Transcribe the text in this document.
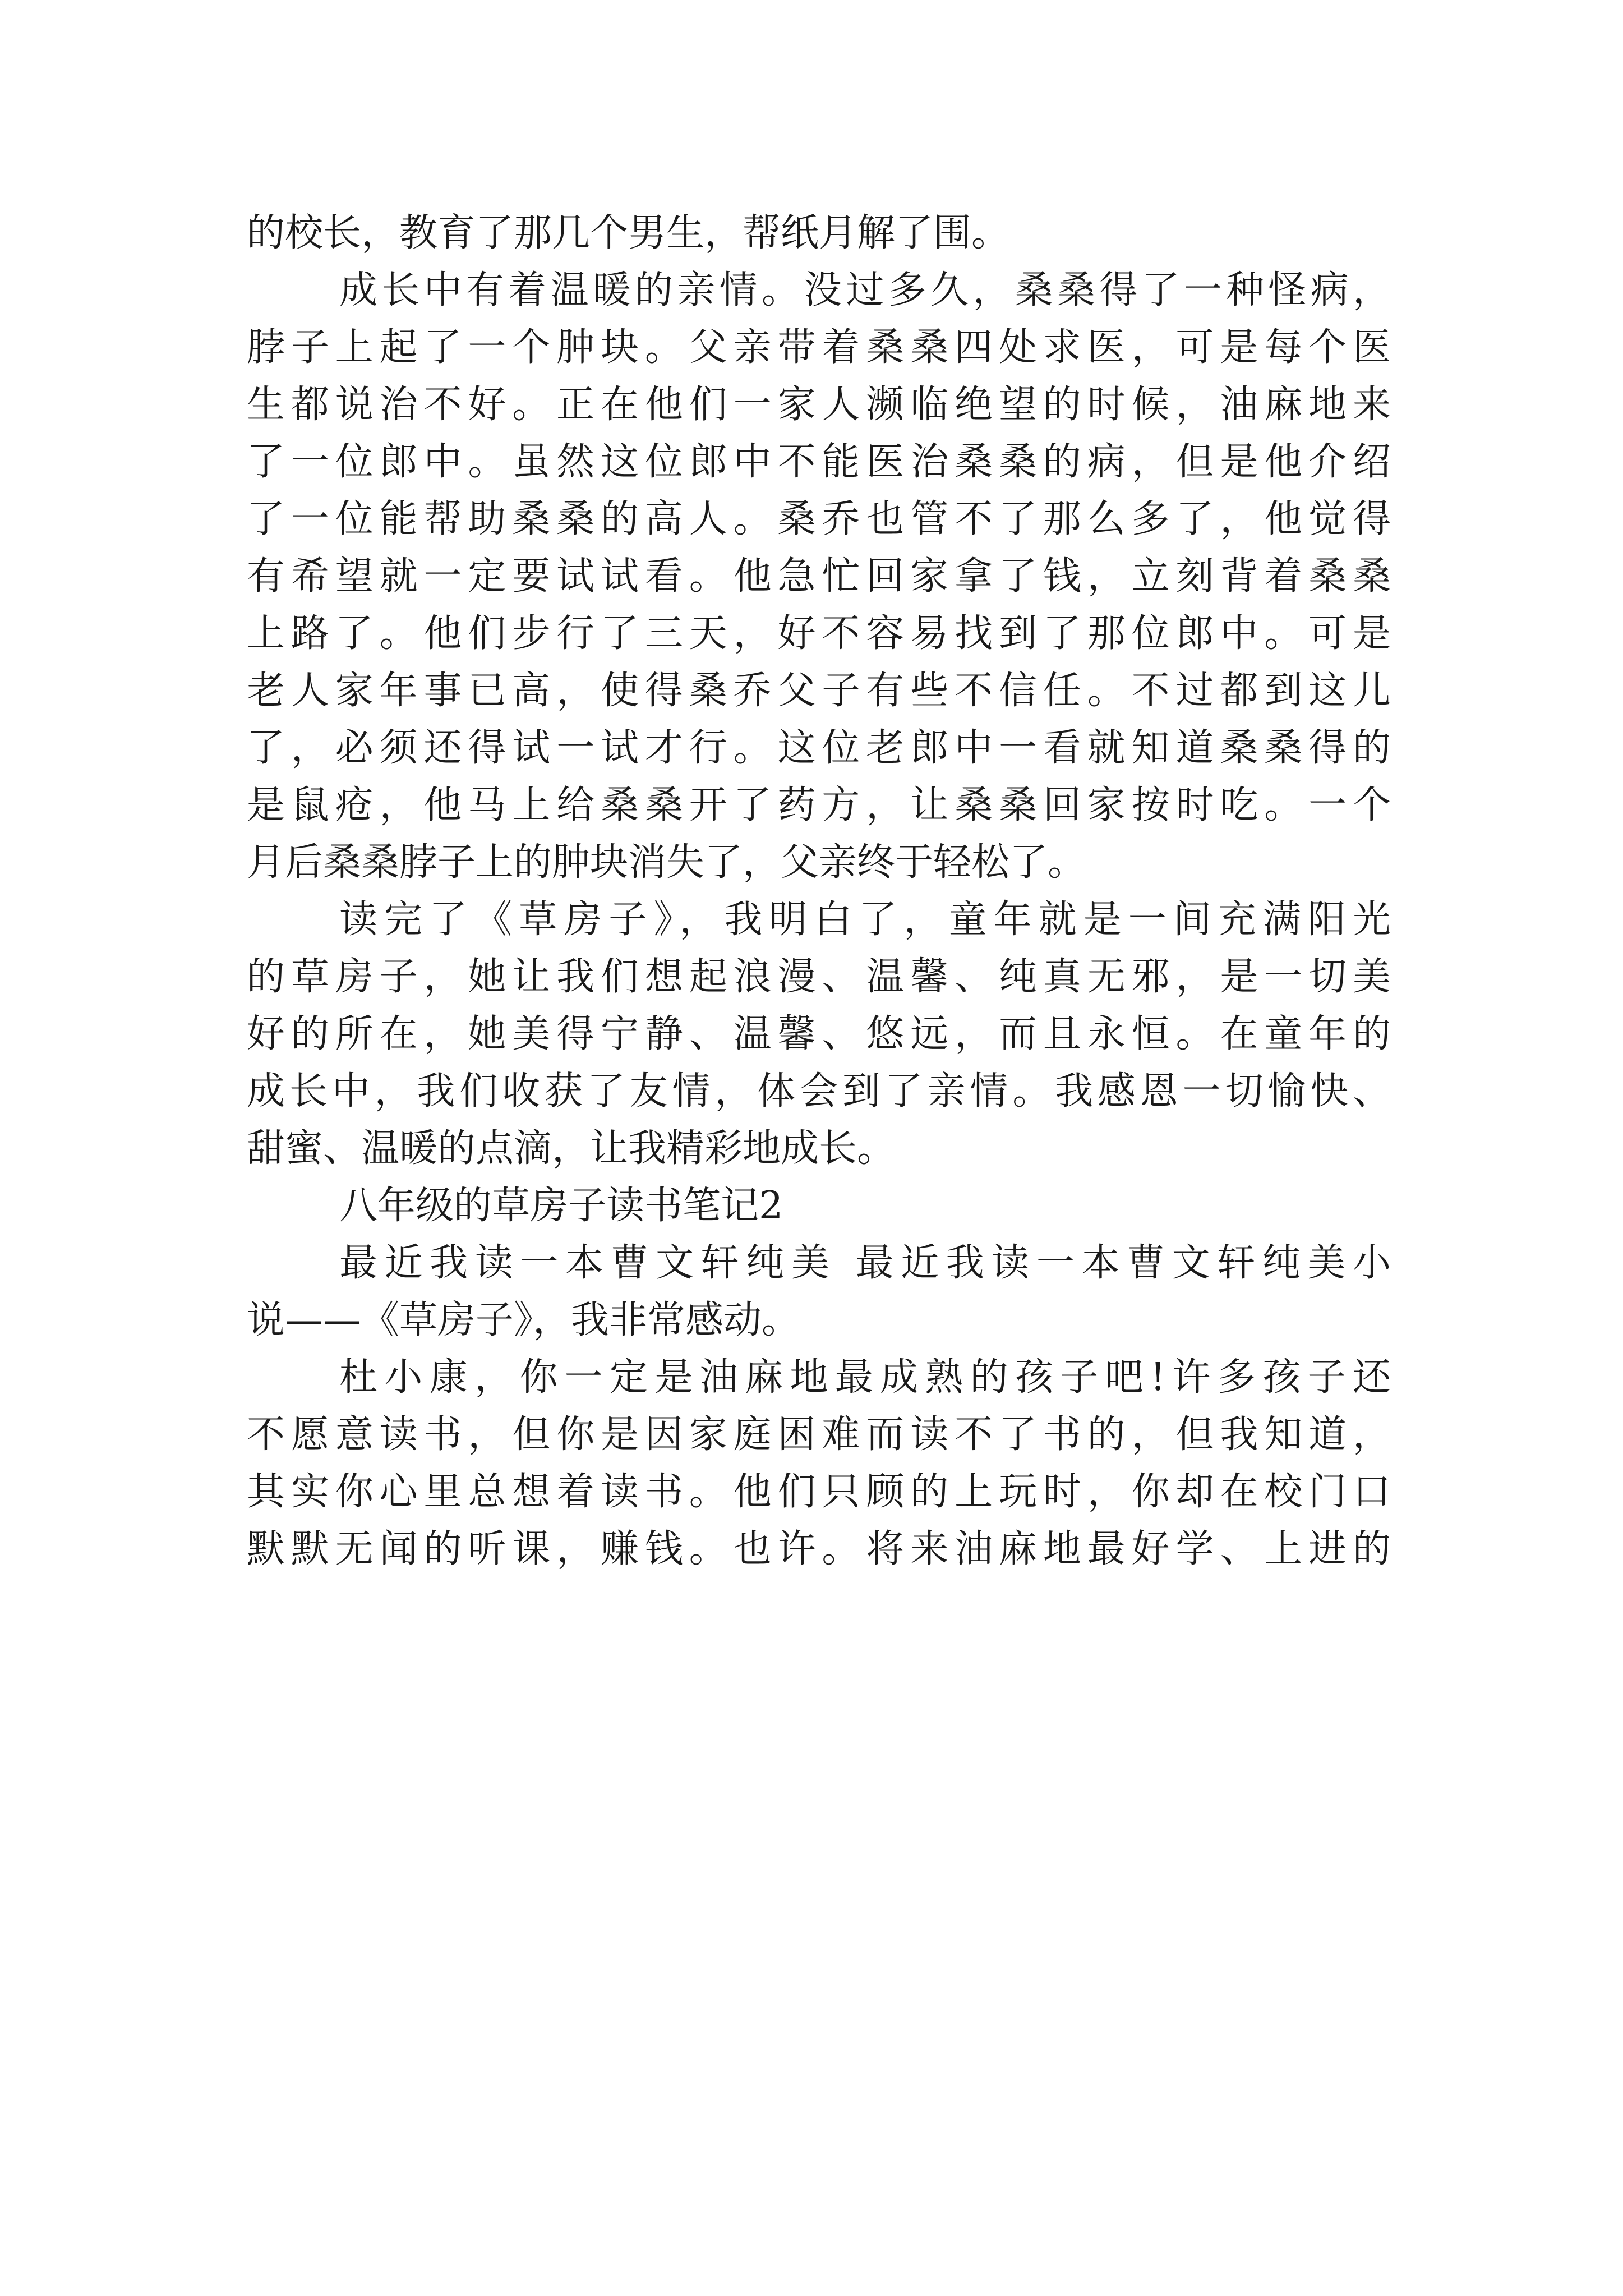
的校长，教育了那几个男生，帮纸月解了围。
成长中有着温暖的亲情。没过多久，桑桑得了一种怪病，
脖子上起了一个肿块。父亲带着桑桑四处求医，可是每个医
生都说治不好。正在他们一家人濒临绝望的时候，油麻地来
了一位郎中。虽然这位郎中不能医治桑桑的病，但是他介绍
了一位能帮助桑桑的高人。桑乔也管不了那么多了，他觉得
有希望就一定要试试看。他急忙回家拿了钱，立刻背着桑桑
上路了。他们步行了三天，好不容易找到了那位郎中。可是
老人家年事已高，使得桑乔父子有些不信任。不过都到这儿
了，必须还得试一试才行。这位老郎中一看就知道桑桑得的
是鼠疮，他马上给桑桑开了药方，让桑桑回家按时吃。一个
月后桑桑脖子上的肿块消失了，父亲终于轻松了。
读完了《草房子》，我明白了，童年就是一间充满阳光
的草房子，她让我们想起浪漫、温馨、纯真无邪，是一切美
好的所在，她美得宁静、温馨、悠远，而且永恒。在童年的
成长中，我们收获了友情，体会到了亲情。我感恩一切愉快、
甜蜜、温暖的点滴，让我精彩地成长。
八年级的草房子读书笔记2
最近我读一本曹文轩纯美 最近我读一本曹文轩纯美小
说——《草房子》，我非常感动。
杜小康，你一定是油麻地最成熟的孩子吧!许多孩子还
不愿意读书，但你是因家庭困难而读不了书的，但我知道，
其实你心里总想着读书。他们只顾的上玩时，你却在校门口
默默无闻的听课，赚钱。也许。将来油麻地最好学、上进的
